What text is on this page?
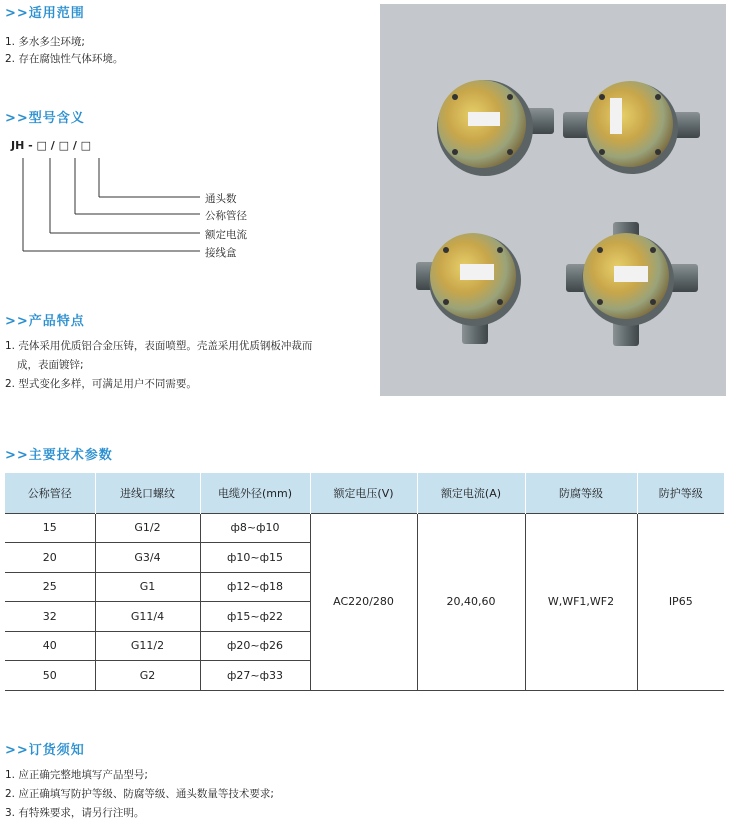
>>适用范围
1. 多水多尘环境;
2. 存在腐蚀性气体环境。
>>型号含义
JH - □ / □ / □
通头数
公称管径
额定电流
接线盒
>>产品特点
1. 壳体采用优质铝合金压铸，表面喷塑。壳盖采用优质钢板冲裁而
成，表面镀锌;
2. 型式变化多样，可满足用户不同需要。
>>主要技术参数
公称管径	进线口螺纹	电缆外径(mm)	额定电压(V)	额定电流(A)	防腐等级	防护等级
15	G1/2	ф8~ф10	AC220/280	20,40,60	W,WF1,WF2	IP65
20	G3/4	ф10~ф15				
25	G1	ф12~ф18				
32	G11/4	ф15~ф22				
40	G11/2	ф20~ф26				
50	G2	ф27~ф33				
>>订货须知
1. 应正确完整地填写产品型号;
2. 应正确填写防护等级、防腐等级、通头数量等技术要求;
3. 有特殊要求，请另行注明。
